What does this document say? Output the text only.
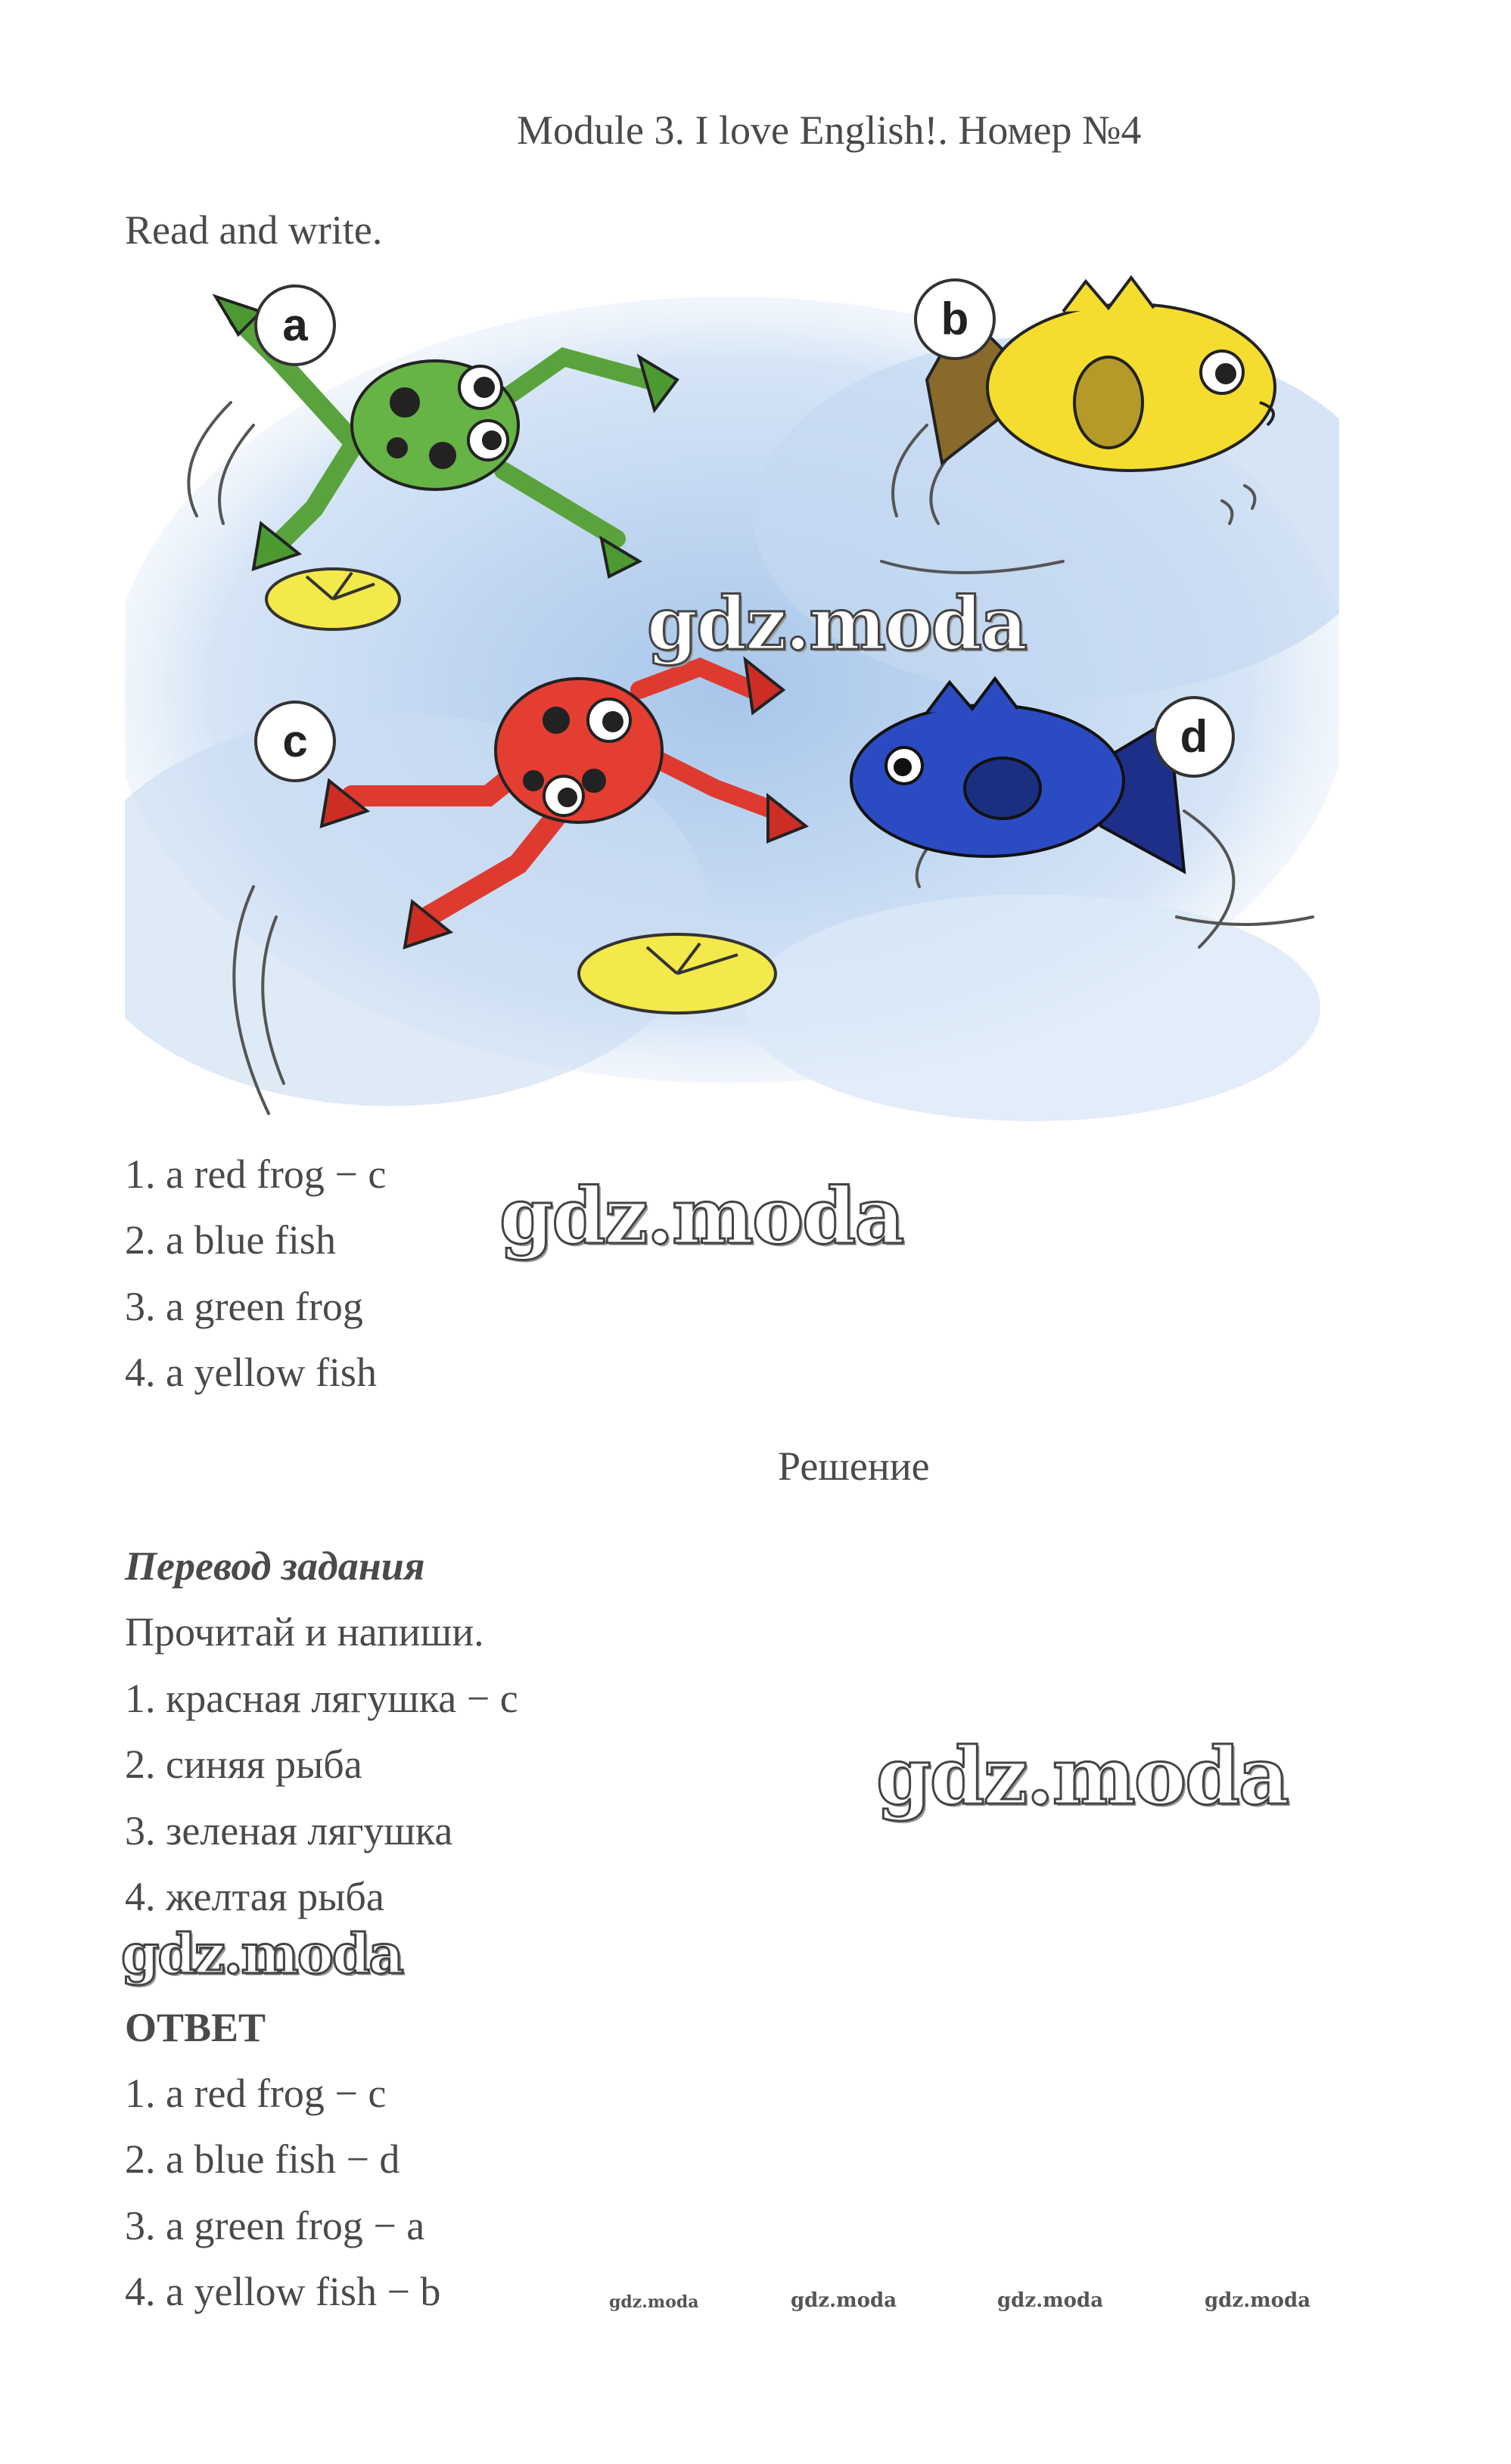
Module 3. I love English!. Номер №4
Read and write.
a	b
c	d
1. a red frog − c
2. a blue fish
3. a green frog
4. a yellow fish
Решение
Перевод задания
Прочитай и напиши.
1. красная лягушка − c
2. синяя рыба
3. зеленая лягушка
4. желтая рыба
ОТВЕТ
1. a red frog − c
2. a blue fish − d
3. a green frog − a
4. a yellow fish − b
gdz.moda
gdz.moda
gdz.moda
gdz.moda
gdz.moda	gdz.moda	gdz.moda	gdz.moda
